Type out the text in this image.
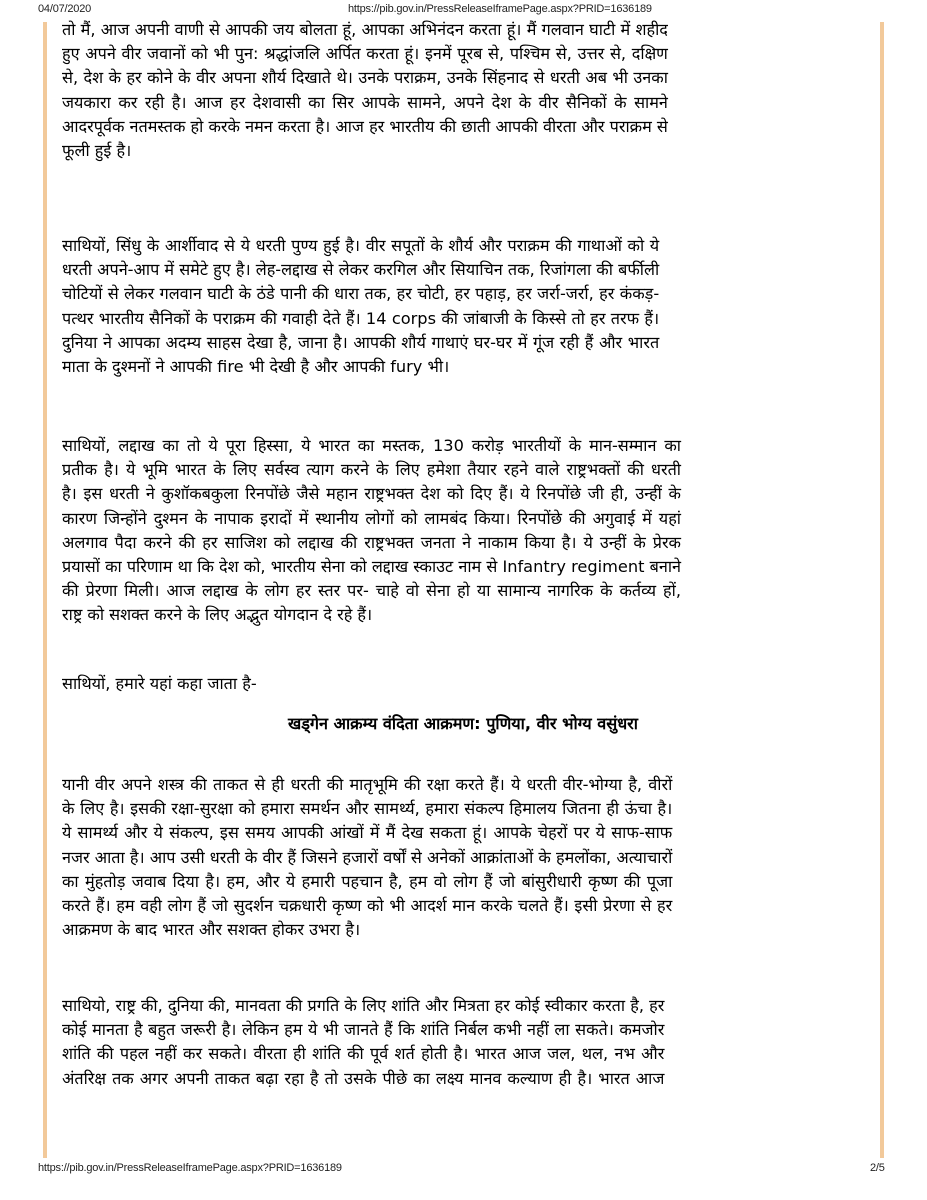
04/07/2020	https://pib.gov.in/PressReleaseIframePage.aspx?PRID=1636189

तो मैं, आज अपनी वाणी से आपकी जय बोलता हूं, आपका अभिनंदन करता हूं। मैं गलवान घाटी में शहीद
हुए अपने वीर जवानों को भी पुन: श्रद्धांजलि अर्पित करता हूं। इनमें पूरब से, पश्चिम से, उत्तर से, दक्षिण
से, देश के हर कोने के वीर अपना शौर्य दिखाते थे। उनके पराक्रम, उनके सिंहनाद से धरती अब भी उनका
जयकारा कर रही है। आज हर देशवासी का सिर आपके सामने, अपने देश के वीर सैनिकों के सामने
आदरपूर्वक नतमस्तक हो करके नमन करता है। आज हर भारतीय की छाती आपकी वीरता और पराक्रम से
फूली हुई है।

साथियों, सिंधु के आर्शीवाद से ये धरती पुण्य हुई है। वीर सपूतों के शौर्य और पराक्रम की गाथाओं को ये
धरती अपने-आप में समेटे हुए है। लेह-लद्दाख से लेकर करगिल और सियाचिन तक, रिजांगला की बर्फीली
चोटियों से लेकर गलवान घाटी के ठंडे पानी की धारा तक, हर चोटी, हर पहाड़, हर जर्रा-जर्रा, हर कंकड़-
पत्थर भारतीय सैनिकों के पराक्रम की गवाही देते हैं। 14 corps की जांबाजी के किस्से तो हर तरफ हैं।
दुनिया ने आपका अदम्य साहस देखा है, जाना है। आपकी शौर्य गाथाएं घर-घर में गूंज रही हैं और भारत
माता के दुश्मनों ने आपकी fire भी देखी है और आपकी fury भी।

साथियों, लद्दाख का तो ये पूरा हिस्सा, ये भारत का मस्तक, 130 करोड़ भारतीयों के मान-सम्मान का
प्रतीक है। ये भूमि भारत के लिए सर्वस्व त्याग करने के लिए हमेशा तैयार रहने वाले राष्ट्रभक्तों की धरती
है। इस धरती ने कुशॉकबकुला रिनपोंछे जैसे महान राष्ट्रभक्त देश को दिए हैं। ये रिनपोंछे जी ही, उन्हीं के
कारण जिन्होंने दुश्मन के नापाक इरादों में स्थानीय लोगों को लामबंद किया। रिनपोंछे की अगुवाई में यहां
अलगाव पैदा करने की हर साजिश को लद्दाख की राष्ट्रभक्त जनता ने नाकाम किया है। ये उन्हीं के प्रेरक
प्रयासों का परिणाम था कि देश को, भारतीय सेना को लद्दाख स्काउट नाम से Infantry regiment बनाने
की प्रेरणा मिली। आज लद्दाख के लोग हर स्तर पर- चाहे वो सेना हो या सामान्य नागरिक के कर्तव्य हों,
राष्ट्र को सशक्त करने के लिए अद्भुत योगदान दे रहे हैं।

साथियों, हमारे यहां कहा जाता है-

खड्गेन आक्रम्य वंदिता आक्रमण: पुणिया, वीर भोग्य वसुंधरा

यानी वीर अपने शस्त्र की ताकत से ही धरती की मातृभूमि की रक्षा करते हैं। ये धरती वीर-भोग्या है, वीरों
के लिए है। इसकी रक्षा-सुरक्षा को हमारा समर्थन और सामर्थ्य, हमारा संकल्प हिमालय जितना ही ऊंचा है।
ये सामर्थ्य और ये संकल्प, इस समय आपकी आंखों में मैं देख सकता हूं। आपके चेहरों पर ये साफ-साफ
नजर आता है। आप उसी धरती के वीर हैं जिसने हजारों वर्षों से अनेकों आक्रांताओं के हमलोंका, अत्याचारों
का मुंहतोड़ जवाब दिया है। हम, और ये हमारी पहचान है, हम वो लोग हैं जो बांसुरीधारी कृष्ण की पूजा
करते हैं। हम वही लोग हैं जो सुदर्शन चक्रधारी कृष्ण को भी आदर्श मान करके चलते हैं। इसी प्रेरणा से हर
आक्रमण के बाद भारत और सशक्त होकर उभरा है।

साथियो, राष्ट्र की, दुनिया की, मानवता की प्रगति के लिए शांति और मित्रता हर कोई स्वीकार करता है, हर
कोई मानता है बहुत जरूरी है। लेकिन हम ये भी जानते हैं कि शांति निर्बल कभी नहीं ला सकते। कमजोर
शांति की पहल नहीं कर सकते। वीरता ही शांति की पूर्व शर्त होती है। भारत आज जल, थल, नभ और
अंतरिक्ष तक अगर अपनी ताकत बढ़ा रहा है तो उसके पीछे का लक्ष्य मानव कल्याण ही है। भारत आज

https://pib.gov.in/PressReleaseIframePage.aspx?PRID=1636189	2/5
